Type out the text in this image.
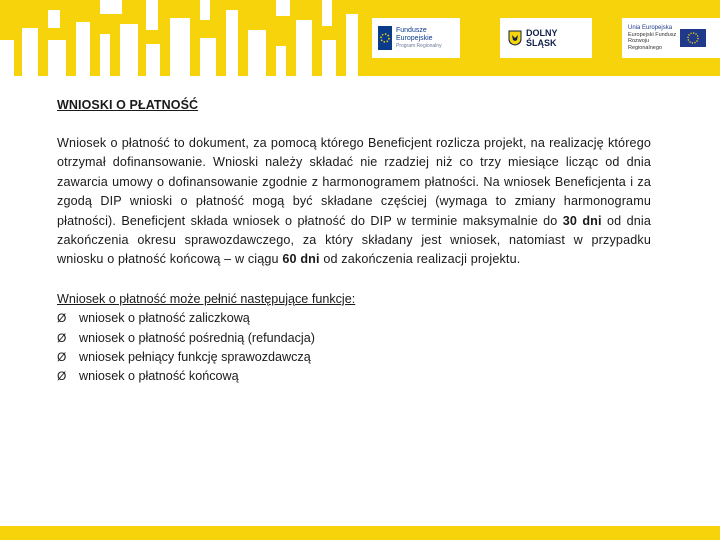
Fundusze
Europejskie
Program Regionalny
DOLNY
ŚLĄSK
Unia Europejska
Europejski Fundusz
Rozwoju Regionalnego

WNIOSKI O PŁATNOŚĆ

Wniosek o płatność to dokument, za pomocą którego Beneficjent rozlicza projekt, na realizację którego otrzymał dofinansowanie. Wnioski należy składać nie rzadziej niż co trzy miesiące licząc od dnia zawarcia umowy o dofinansowanie zgodnie z harmonogramem płatności. Na wniosek Beneficjenta i za zgodą DIP wnioski o płatność mogą być składane częściej (wymaga to zmiany harmonogramu płatności). Beneficjent składa wniosek o płatność do DIP w terminie maksymalnie do 30 dni od dnia zakończenia okresu sprawozdawczego, za który składany jest wniosek, natomiast w przypadku wniosku o płatność końcową – w ciągu 60 dni od zakończenia realizacji projektu.

Wniosek o płatność może pełnić następujące funkcje:

Ø	wniosek o płatność zaliczkową
Ø	wniosek o płatność pośrednią (refundacja)
Ø	wniosek pełniący funkcję sprawozdawczą
Ø	wniosek o płatność końcową
